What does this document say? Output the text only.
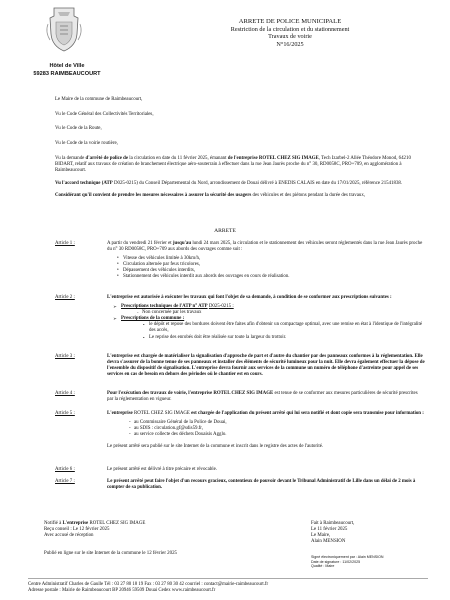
Hôtel de Ville
59283 RAIMBEAUCOURT
ARRETE DE POLICE MUNICIPALE
Restriction de la circulation et du stationnement
Travaux de voirie
N°16/2025

Le Maire de la commune de Raimbeaucourt,

Vu le Code Général des Collectivités Territoriales,

Vu le Code de la Route,

Vu le Code de la voirie routière,

Vu la demande d'arrêté de police de la circulation en date du 11 février 2025, émanant de l'entreprise ROTEL CHEZ SIG IMAGE, Tech Izarbel-2 Allée Théodore Monod, 64210 BIDART, relatif aux travaux de création de branchement électrique aéro-souterrain à effectuer dans la rue Jean Jaurès proche du n° 30, RD0058C, PRO+709, en agglomération à Raimbeaucourt.

Vu l'accord technique (ATP D025-0215) du Conseil Départemental du Nord, arrondissement de Douai délivré à ENEDIS CALAIS en date du 17/01/2025, référence 21541838.

Considérant qu'il convient de prendre les mesures nécessaires à assurer la sécurité des usagers des véhicules et des piétons pendant la durée des travaux,

ARRETE
Article 1 :	A partir du vendredi 21 février et jusqu'au lundi 24 mars 2025, la circulation et le stationnement des véhicules seront réglementés dans la rue Jean Jaurès proche du n° 30 RD0058C, PRO+709 aux abords des ouvrages comme suit :

• Vitesse des véhicules limitée à 30km/h,
• Circulation alternée par feux tricolores,
• Dépassement des véhicules interdits,
• Stationnement des véhicules interdit aux abords des ouvrages en cours de réalisation.
Article 2 :	L'entreprise est autorisée à exécuter les travaux qui font l'objet de sa demande, à condition de se conformer aux prescriptions suivantes :

➢ Prescriptions techniques de l'ATP n° ATP D025-0215 :
- Non concernée par les travaux
➢ Prescriptions de la commune :
• le dépôt et repose des bordures doivent être faites afin d'obtenir un compactage optimal, avec une remise en état à l'identique de l'intégralité des accès,
• Le reprise des enrobés doit être réalisée sur toute la largeur du trottoir.
Article 3 :	L'entreprise est chargée de matérialiser la signalisation d'approche de part et d'autre du chantier par des panneaux conformes à la réglementation. Elle devra s'assurer de la bonne tenue de ses panneaux et installer des éléments de sécurité lumineux pour la nuit. Elle devra également effectuer la dépose de l'ensemble du dispositif de signalisation. L'entreprise devra fournir aux services de la commune un numéro de téléphone d'astreinte pour appel de ses services en cas de besoin en dehors des périodes où le chantier est en cours.

Article 4 :	Pour l'exécution des travaux de voirie, l'entreprise ROTEL CHEZ SIG IMAGE est tenue de se conformer aux mesures particulières de sécurité prescrites par la réglementation en vigueur.

Article 5 :	L'entreprise ROTEL CHEZ SIG IMAGE est chargée de l'application du présent arrêté qui lui sera notifié et dont copie sera transmise pour information :

- au Commissaire Général de la Police de Douai,
- au SDIS : circulation.gf@sdis59.fr,
- au service collecte des déchets Douaisis Agglo.

Le présent arrêté sera publié sur le site Internet de la commune et inscrit dans le registre des actes de l'autorité.

Article 6 :	Le présent arrêté est délivré à titre précaire et révocable.

Article 7 :	Le présent arrêté peut faire l'objet d'un recours gracieux, contentieux de pouvoir devant le Tribunal Administratif de Lille dans un délai de 2 mois à compter de sa publication.

Notifié à L'entreprise ROTEL CHEZ SIG IMAGE
Reçu conseil : Le 12 février 2025
Avec accusé de réception
Publié en ligne sur le site Internet de la commune le 12 février 2025
Fait à Raimbeaucourt,
Le 11 février 2025
Le Maire,
Alain MENSION
Signé électroniquement par : Alain MENSION
Date de signature : 11/02/2025
Qualité : Maire
Centre Administratif Charles de Gaulle Tél : 03 27 80 18 19 Fax : 03 27 80 30 42 courriel : contact@mairie-raimbeaucourt.fr
Adresse postale : Mairie de Raimbeaucourt BP 20946 59509 Douai Cedex www.raimbeaucourt.fr
